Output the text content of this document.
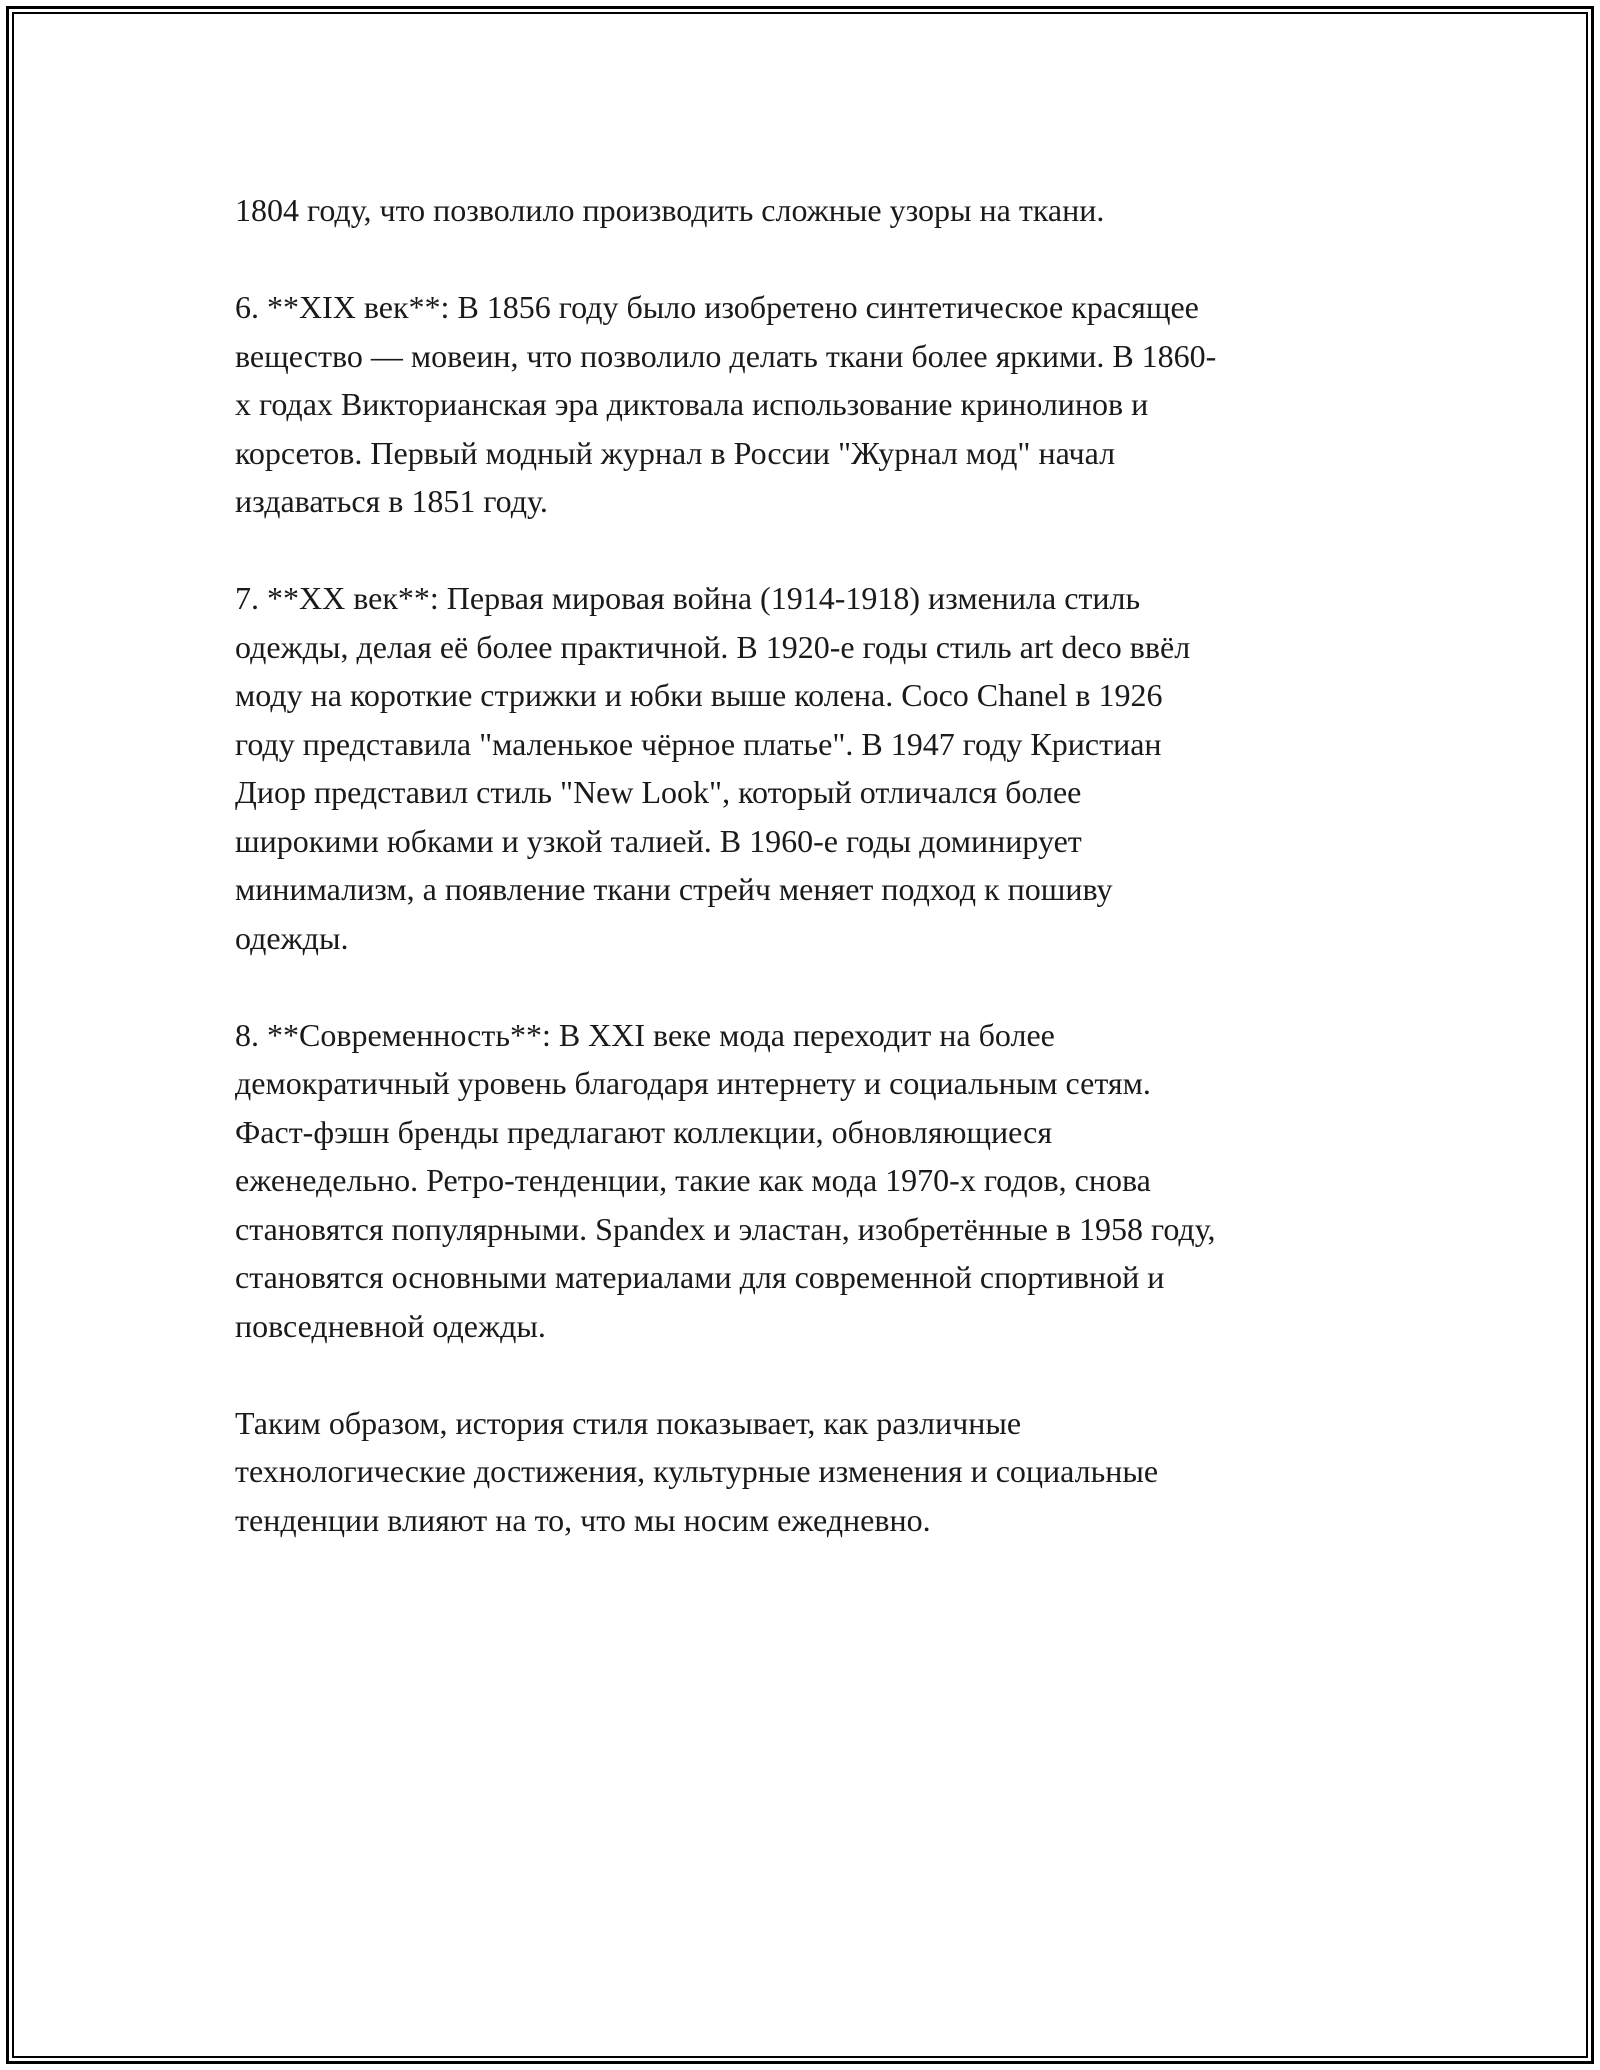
1804 году, что позволило производить сложные узоры на ткани.

6. **XIX век**: В 1856 году было изобретено синтетическое красящее
вещество — мовеин, что позволило делать ткани более яркими. В 1860-
х годах Викторианская эра диктовала использование кринолинов и
корсетов. Первый модный журнал в России "Журнал мод" начал
издаваться в 1851 году.

7. **XX век**: Первая мировая война (1914-1918) изменила стиль
одежды, делая её более практичной. В 1920-е годы стиль art deco ввёл
моду на короткие стрижки и юбки выше колена. Coco Chanel в 1926
году представила "маленькое чёрное платье". В 1947 году Кристиан
Диор представил стиль "New Look", который отличался более
широкими юбками и узкой талией. В 1960-е годы доминирует
минимализм, а появление ткани стрейч меняет подход к пошиву
одежды.

8. **Современность**: В XXI веке мода переходит на более
демократичный уровень благодаря интернету и социальным сетям.
Фаст-фэшн бренды предлагают коллекции, обновляющиеся
еженедельно. Ретро-тенденции, такие как мода 1970-х годов, снова
становятся популярными. Spandex и эластан, изобретённые в 1958 году,
становятся основными материалами для современной спортивной и
повседневной одежды.

Таким образом, история стиля показывает, как различные
технологические достижения, культурные изменения и социальные
тенденции влияют на то, что мы носим ежедневно.
